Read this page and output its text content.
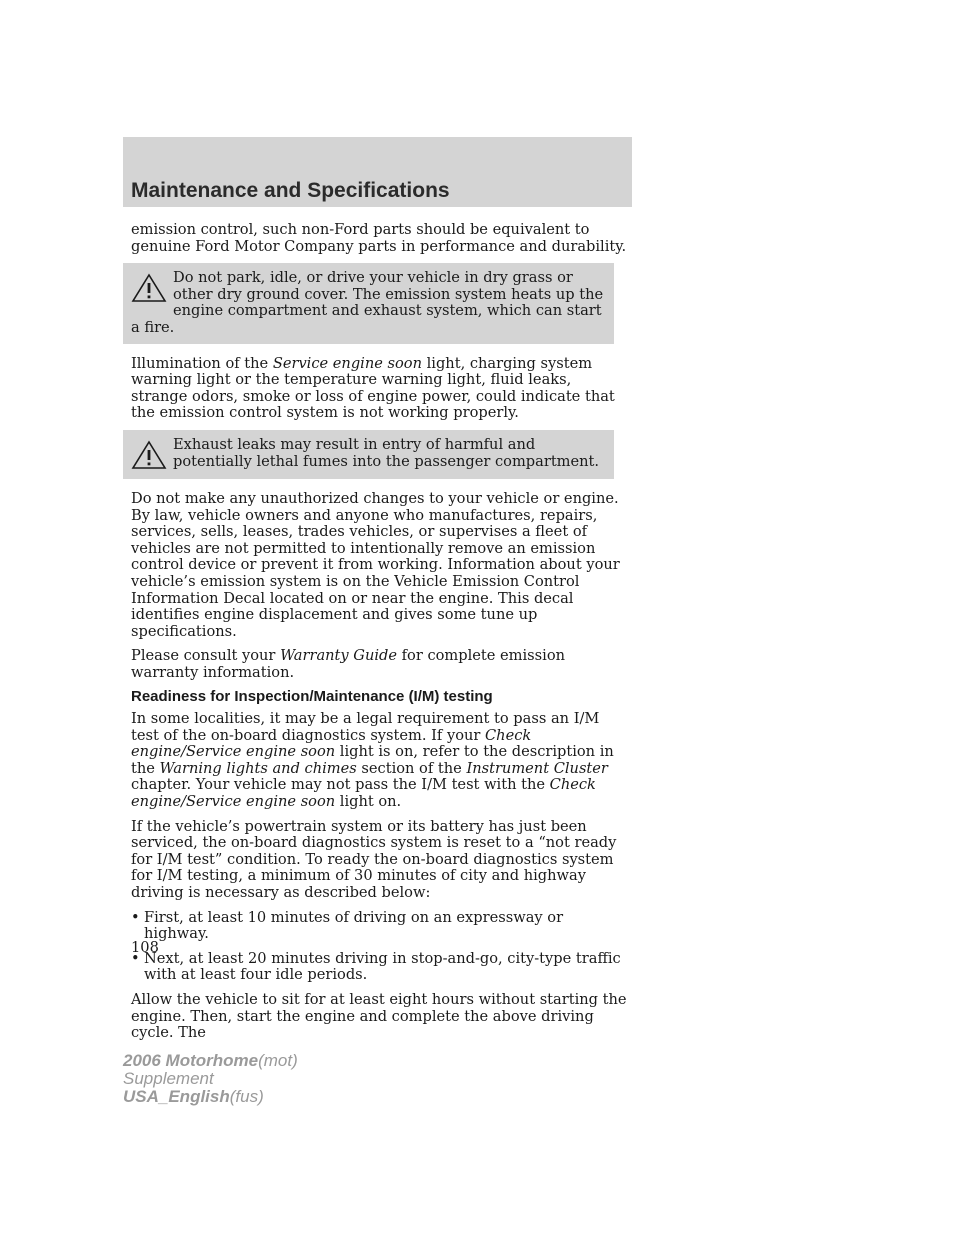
Maintenance and Specifications

emission control, such non-Ford parts should be equivalent to genuine Ford Motor Company parts in performance and durability.

Do not park, idle, or drive your vehicle in dry grass or other dry ground cover. The emission system heats up the engine compartment and exhaust system, which can start a fire.

Illumination of the Service engine soon light, charging system warning light or the temperature warning light, fluid leaks, strange odors, smoke or loss of engine power, could indicate that the emission control system is not working properly.

Exhaust leaks may result in entry of harmful and potentially lethal fumes into the passenger compartment.

Do not make any unauthorized changes to your vehicle or engine. By law, vehicle owners and anyone who manufactures, repairs, services, sells, leases, trades vehicles, or supervises a fleet of vehicles are not permitted to intentionally remove an emission control device or prevent it from working. Information about your vehicle’s emission system is on the Vehicle Emission Control Information Decal located on or near the engine. This decal identifies engine displacement and gives some tune up specifications.

Please consult your Warranty Guide for complete emission warranty information.

Readiness for Inspection/Maintenance (I/M) testing

In some localities, it may be a legal requirement to pass an I/M test of the on-board diagnostics system. If your Check engine/Service engine soon light is on, refer to the description in the Warning lights and chimes section of the Instrument Cluster chapter. Your vehicle may not pass the I/M test with the Check engine/Service engine soon light on.

If the vehicle’s powertrain system or its battery has just been serviced, the on-board diagnostics system is reset to a “not ready for I/M test” condition. To ready the on-board diagnostics system for I/M testing, a minimum of 30 minutes of city and highway driving is necessary as described below:

• First, at least 10 minutes of driving on an expressway or highway.
• Next, at least 20 minutes driving in stop-and-go, city-type traffic with at least four idle periods.

Allow the vehicle to sit for at least eight hours without starting the engine. Then, start the engine and complete the above driving cycle. The

108
2006 Motorhome(mot)
Supplement
USA_English(fus)
